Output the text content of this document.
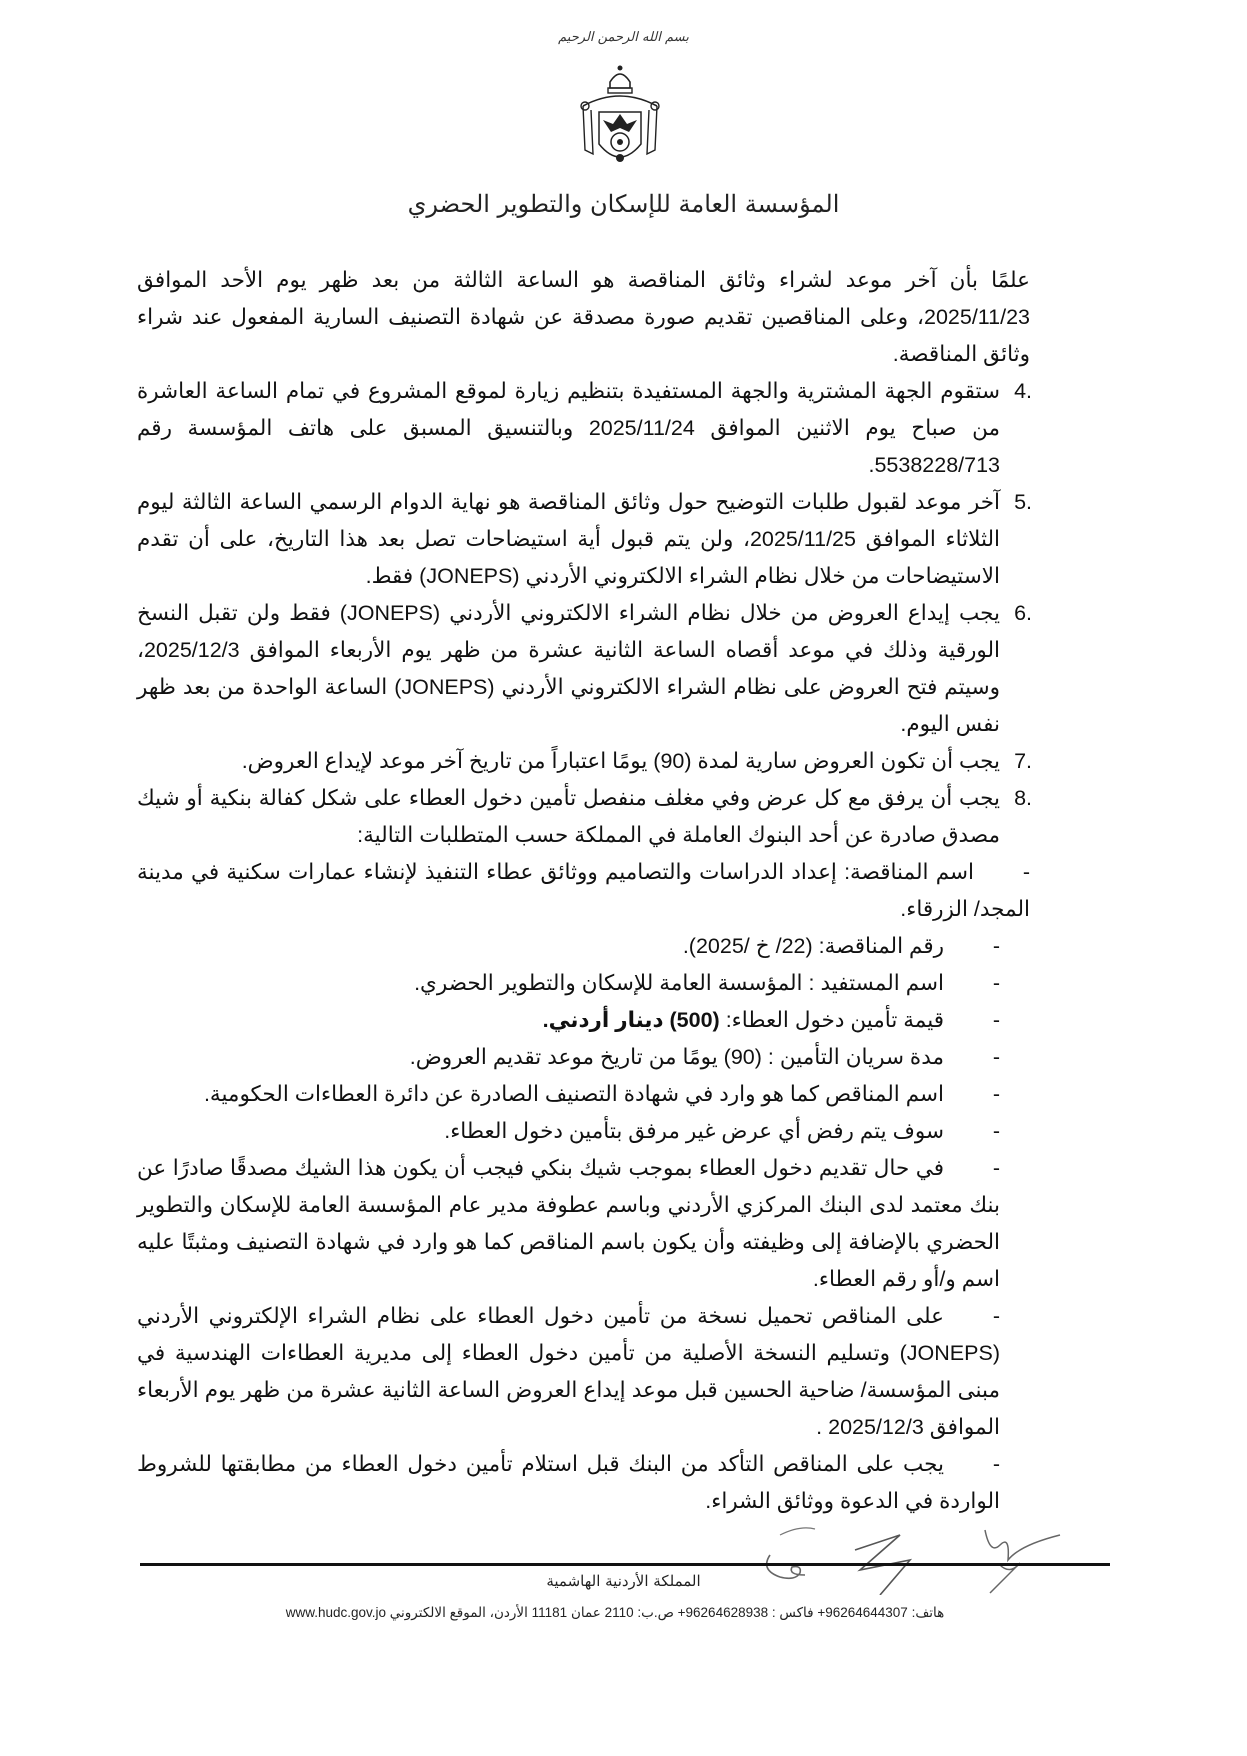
بسم الله الرحمن الرحيم
المؤسسة العامة للإسكان والتطوير الحضري

علمًا بأن آخر موعد لشراء وثائق المناقصة هو الساعة الثالثة من بعد ظهر يوم الأحد الموافق 2025/11/23، وعلى المناقصين تقديم صورة مصدقة عن شهادة التصنيف السارية المفعول عند شراء وثائق المناقصة.

4.
ستقوم الجهة المشترية والجهة المستفيدة بتنظيم زيارة لموقع المشروع في تمام الساعة العاشرة من صباح يوم الاثنين الموافق 2025/11/24 وبالتنسيق المسبق على هاتف المؤسسة رقم 5538228/713.
5.
آخر موعد لقبول طلبات التوضيح حول وثائق المناقصة هو نهاية الدوام الرسمي الساعة الثالثة ليوم الثلاثاء الموافق 2025/11/25، ولن يتم قبول أية استيضاحات تصل بعد هذا التاريخ، على أن تقدم الاستيضاحات من خلال نظام الشراء الالكتروني الأردني (JONEPS) فقط.
6.
يجب إيداع العروض من خلال نظام الشراء الالكتروني الأردني (JONEPS) فقط ولن تقبل النسخ الورقية وذلك في موعد أقصاه الساعة الثانية عشرة من ظهر يوم الأربعاء الموافق 2025/12/3، وسيتم فتح العروض على نظام الشراء الالكتروني الأردني (JONEPS) الساعة الواحدة من بعد ظهر نفس اليوم.
7.
يجب أن تكون العروض سارية لمدة (90) يومًا اعتباراً من تاريخ آخر موعد لإيداع العروض.
8.
يجب أن يرفق مع كل عرض وفي مغلف منفصل تأمين دخول العطاء على شكل كفالة بنكية أو شيك مصدق صادرة عن أحد البنوك العاملة في المملكة حسب المتطلبات التالية:
-اسم المناقصة: إعداد الدراسات والتصاميم ووثائق عطاء التنفيذ لإنشاء عمارات سكنية في مدينة المجد/ الزرقاء.
-رقم المناقصة: (22/ خ /2025).
-اسم المستفيد : المؤسسة العامة للإسكان والتطوير الحضري.
-قيمة تأمين دخول العطاء: (500) دينار أردني.
-مدة سريان التأمين : (90) يومًا من تاريخ موعد تقديم العروض.
-اسم المناقص كما هو وارد في شهادة التصنيف الصادرة عن دائرة العطاءات الحكومية.
-سوف يتم رفض أي عرض غير مرفق بتأمين دخول العطاء.
-في حال تقديم دخول العطاء بموجب شيك بنكي فيجب أن يكون هذا الشيك مصدقًا صادرًا عن بنك معتمد لدى البنك المركزي الأردني وباسم عطوفة مدير عام المؤسسة العامة للإسكان والتطوير الحضري بالإضافة إلى وظيفته وأن يكون باسم المناقص كما هو وارد في شهادة التصنيف ومثبتًا عليه اسم و/أو رقم العطاء.
-على المناقص تحميل نسخة من تأمين دخول العطاء على نظام الشراء الإلكتروني الأردني (JONEPS) وتسليم النسخة الأصلية من تأمين دخول العطاء إلى مديرية العطاءات الهندسية في مبنى المؤسسة/ ضاحية الحسين قبل موعد إيداع العروض الساعة الثانية عشرة من ظهر يوم الأربعاء الموافق 2025/12/3 .
-يجب على المناقص التأكد من البنك قبل استلام تأمين دخول العطاء من مطابقتها للشروط الواردة في الدعوة ووثائق الشراء.
المملكة الأردنية الهاشمية
هاتف: 96264644307+ فاكس : 96264628938+ ص.ب: 2110 عمان 11181 الأردن، الموقع الالكتروني www.hudc.gov.jo
